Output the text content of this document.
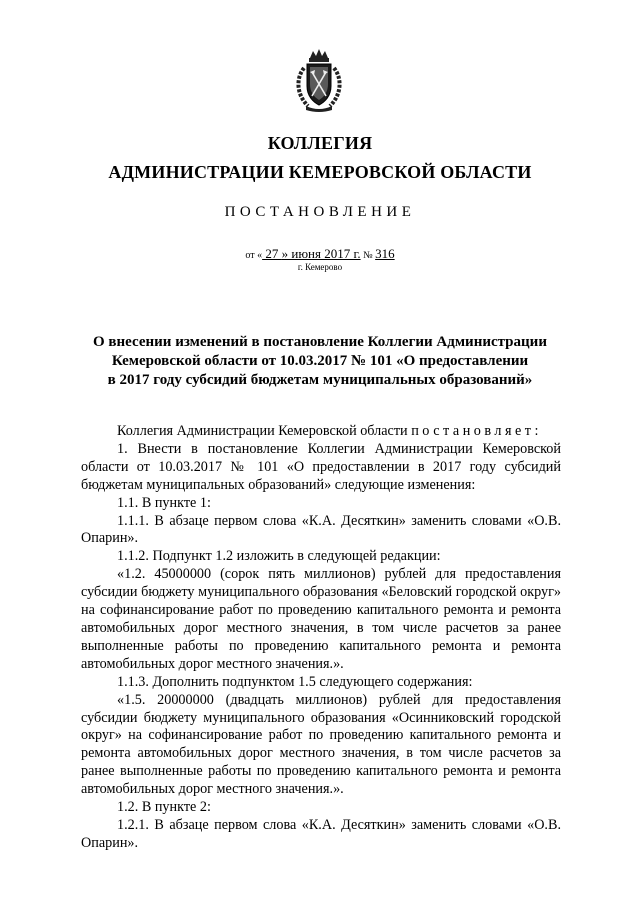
КОЛЛЕГИЯ
АДМИНИСТРАЦИИ КЕМЕРОВСКОЙ ОБЛАСТИ
ПОСТАНОВЛЕНИЕ
от « 27 » июня 2017 г. № 316
г. Кемерово
О внесении изменений в постановление Коллегии Администрации
Кемеровской области от 10.03.2017 № 101 «О предоставлении
в 2017 году субсидий бюджетам муниципальных образований»

Коллегия Администрации Кемеровской области постановляет:

1. Внести в постановление Коллегии Администрации Кемеровской области от 10.03.2017 № 101 «О предоставлении в 2017 году субсидий бюджетам муниципальных образований» следующие изменения:

1.1. В пункте 1:

1.1.1. В абзаце первом слова «К.А. Десяткин» заменить словами «О.В. Опарин».

1.1.2. Подпункт 1.2 изложить в следующей редакции:

«1.2. 45000000 (сорок пять миллионов) рублей для предоставления субсидии бюджету муниципального образования «Беловский городской округ» на софинансирование работ по проведению капитального ремонта и ремонта автомобильных дорог местного значения, в том числе расчетов за ранее выполненные работы по проведению капитального ремонта и ремонта автомобильных дорог местного значения.».

1.1.3. Дополнить подпунктом 1.5 следующего содержания:

«1.5. 20000000 (двадцать миллионов) рублей для предоставления субсидии бюджету муниципального образования «Осинниковский городской округ» на софинансирование работ по проведению капитального ремонта и ремонта автомобильных дорог местного значения, в том числе расчетов за ранее выполненные работы по проведению капитального ремонта и ремонта автомобильных дорог местного значения.».

1.2. В пункте 2:

1.2.1. В абзаце первом слова «К.А. Десяткин» заменить словами «О.В. Опарин».
